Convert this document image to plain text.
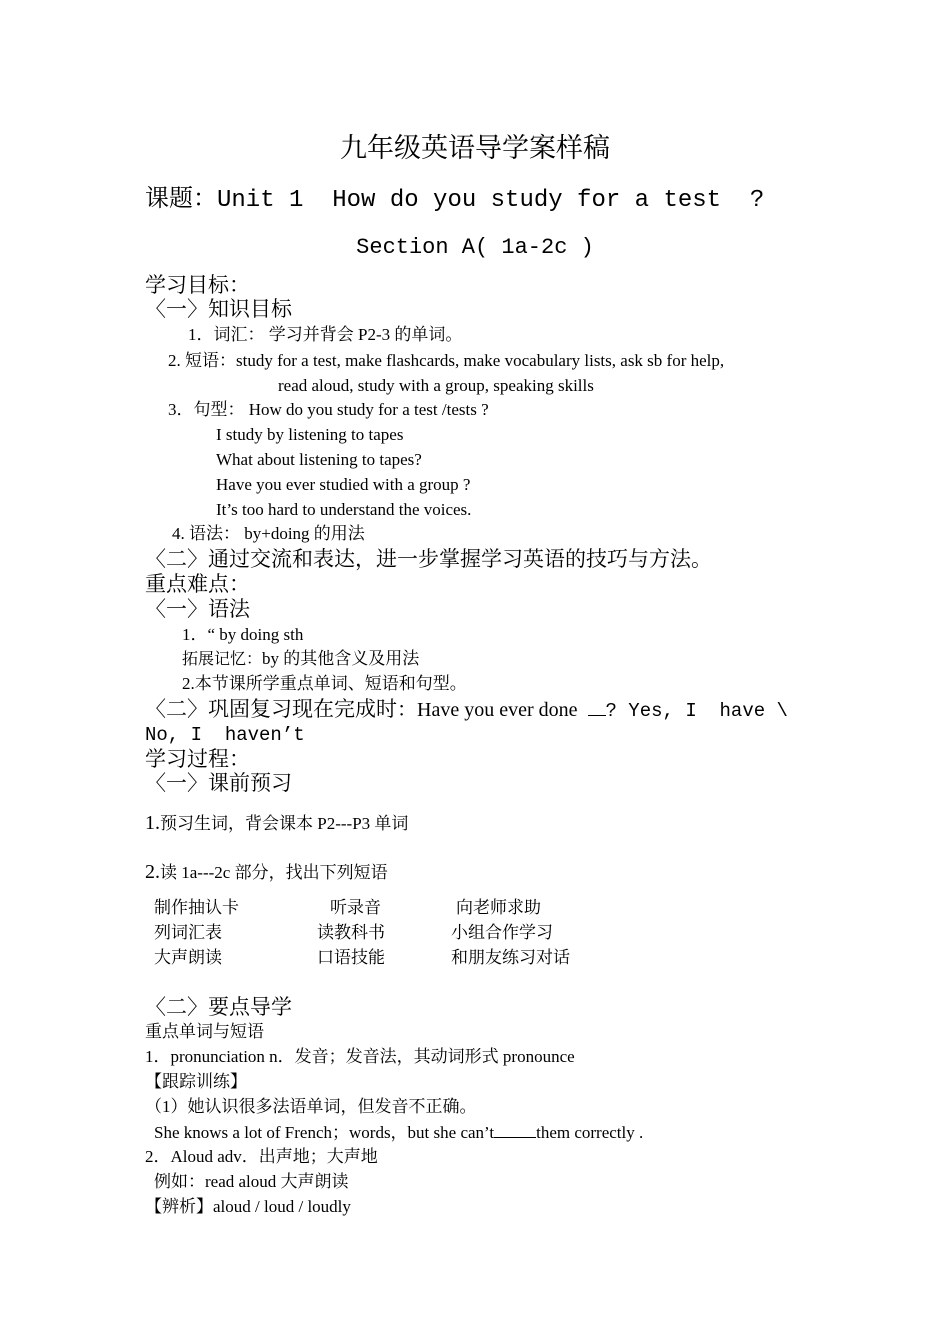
九年级英语导学案样稿
课题：Unit 1  How do you study for a test  ?
Section A( 1a-2c )
学习目标：
〈一〉知识目标
1．词汇： 学习并背会 P2-3 的单词。
2. 短语：study for a test, make flashcards, make vocabulary lists, ask sb for help,
read aloud, study with a group, speaking skills
3．句型： How do you study for a test /tests ?
I study by listening to tapes
What about listening to tapes?
Have you ever studied with a group ?
It’s too hard to understand the voices.
4. 语法： by+doing 的用法
〈二〉通过交流和表达，进一步掌握学习英语的技巧与方法。
重点难点：
〈一〉语法
1．“ by doing sth
拓展记忆：by 的其他含义及用法
2.本节课所学重点单词、短语和句型。
〈二〉巩固复习现在完成时：Have you ever done ? Yes, I  have \
No, I  haven’t
学习过程：
〈一〉课前预习
1.预习生词，背会课本 P2---P3 单词
2.读 1a---2c 部分，找出下列短语
制作抽认卡	听录音	向老师求助
列词汇表	读教科书	小组合作学习
大声朗读	口语技能	和朋友练习对话
〈二〉要点导学
重点单词与短语
1．pronunciation n．发音；发音法，其动词形式 pronounce
【跟踪训练】
（1）她认识很多法语单词，但发音不正确。
She knows a lot of French；words，but she can’t them correctly .
2．Aloud adv．出声地；大声地
例如：read aloud 大声朗读
【辨析】aloud / loud / loudly
